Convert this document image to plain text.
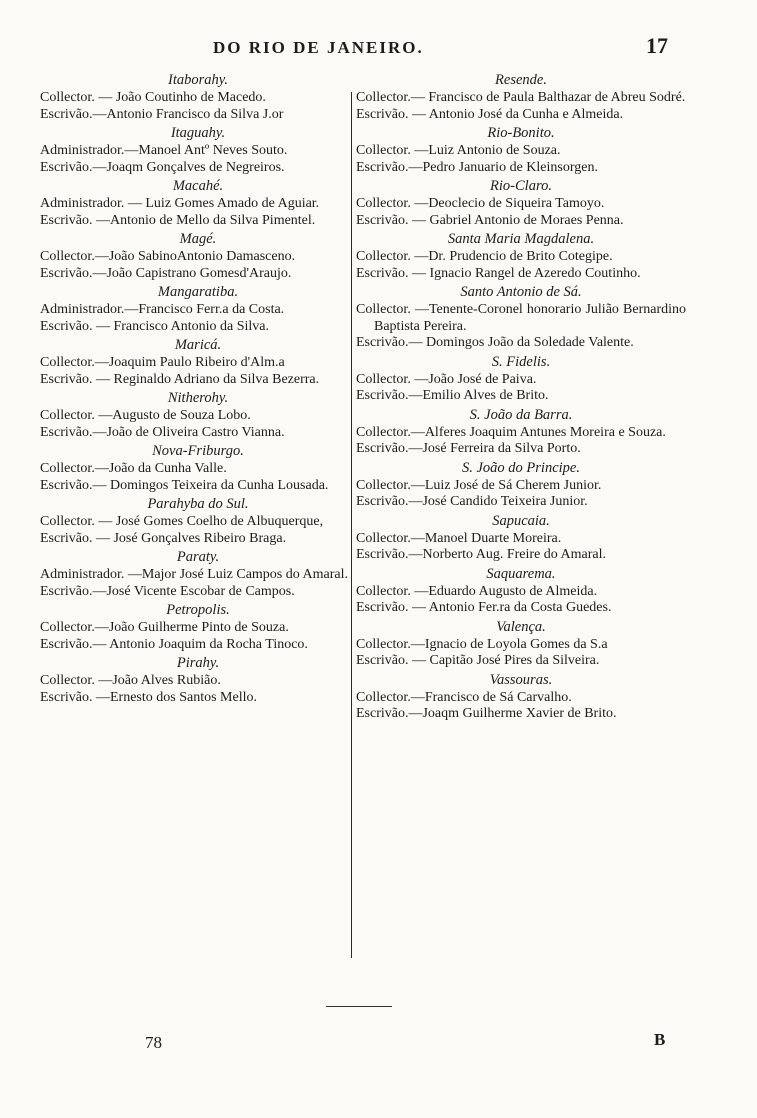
DO RIO DE JANEIRO.	17
Itaborahy.
Collector. — João Coutinho de Macedo.
Escrivão.—Antonio Francisco da Silva J.or
Itaguahy.
Administrador.—Manoel Antº Neves Souto.
Escrivão.—Joaqm Gonçalves de Negreiros.
Macahé.
Administrador. — Luiz Gomes Amado de Aguiar.
Escrivão. —Antonio de Mello da Silva Pimentel.
Magé.
Collector.—João SabinoAntonio Damasceno.
Escrivão.—João Capistrano Gomesd'Araujo.
Mangaratiba.
Administrador.—Francisco Ferr.a da Costa.
Escrivão. — Francisco Antonio da Silva.
Maricá.
Collector.—Joaquim Paulo Ribeiro d'Alm.a
Escrivão. — Reginaldo Adriano da Silva Bezerra.
Nitherohy.
Collector. —Augusto de Souza Lobo.
Escrivão.—João de Oliveira Castro Vianna.
Nova-Friburgo.
Collector.—João da Cunha Valle.
Escrivão.— Domingos Teixeira da Cunha Lousada.
Parahyba do Sul.
Collector. — José Gomes Coelho de Albuquerque,
Escrivão. — José Gonçalves Ribeiro Braga.
Paraty.
Administrador. —Major José Luiz Campos do Amaral.
Escrivão.—José Vicente Escobar de Campos.
Petropolis.
Collector.—João Guilherme Pinto de Souza.
Escrivão.— Antonio Joaquim da Rocha Tinoco.
Pirahy.
Collector. —João Alves Rubião.
Escrivão. —Ernesto dos Santos Mello.
Resende.
Collector.— Francisco de Paula Balthazar de Abreu Sodré.
Escrivão. — Antonio José da Cunha e Almeida.
Rio-Bonito.
Collector. —Luiz Antonio de Souza.
Escrivão.—Pedro Januario de Kleinsorgen.
Rio-Claro.
Collector. —Deoclecio de Siqueira Tamoyo.
Escrivão. — Gabriel Antonio de Moraes Penna.
Santa Maria Magdalena.
Collector. —Dr. Prudencio de Brito Cotegipe.
Escrivão. — Ignacio Rangel de Azeredo Coutinho.
Santo Antonio de Sá.
Collector. —Tenente-Coronel honorario Julião Bernardino Baptista Pereira.
Escrivão.— Domingos João da Soledade Valente.
S. Fidelis.
Collector. —João José de Paiva.
Escrivão.—Emilio Alves de Brito.
S. João da Barra.
Collector.—Alferes Joaquim Antunes Moreira e Souza.
Escrivão.—José Ferreira da Silva Porto.
S. João do Principe.
Collector.—Luiz José de Sá Cherem Junior.
Escrivão.—José Candido Teixeira Junior.
Sapucaia.
Collector.—Manoel Duarte Moreira.
Escrivão.—Norberto Aug. Freire do Amaral.
Saquarema.
Collector. —Eduardo Augusto de Almeida.
Escrivão. — Antonio Fer.ra da Costa Guedes.
Valença.
Collector.—Ignacio de Loyola Gomes da S.a
Escrivão. — Capitão José Pires da Silveira.
Vassouras.
Collector.—Francisco de Sá Carvalho.
Escrivão.—Joaqm Guilherme Xavier de Brito.
78	B
